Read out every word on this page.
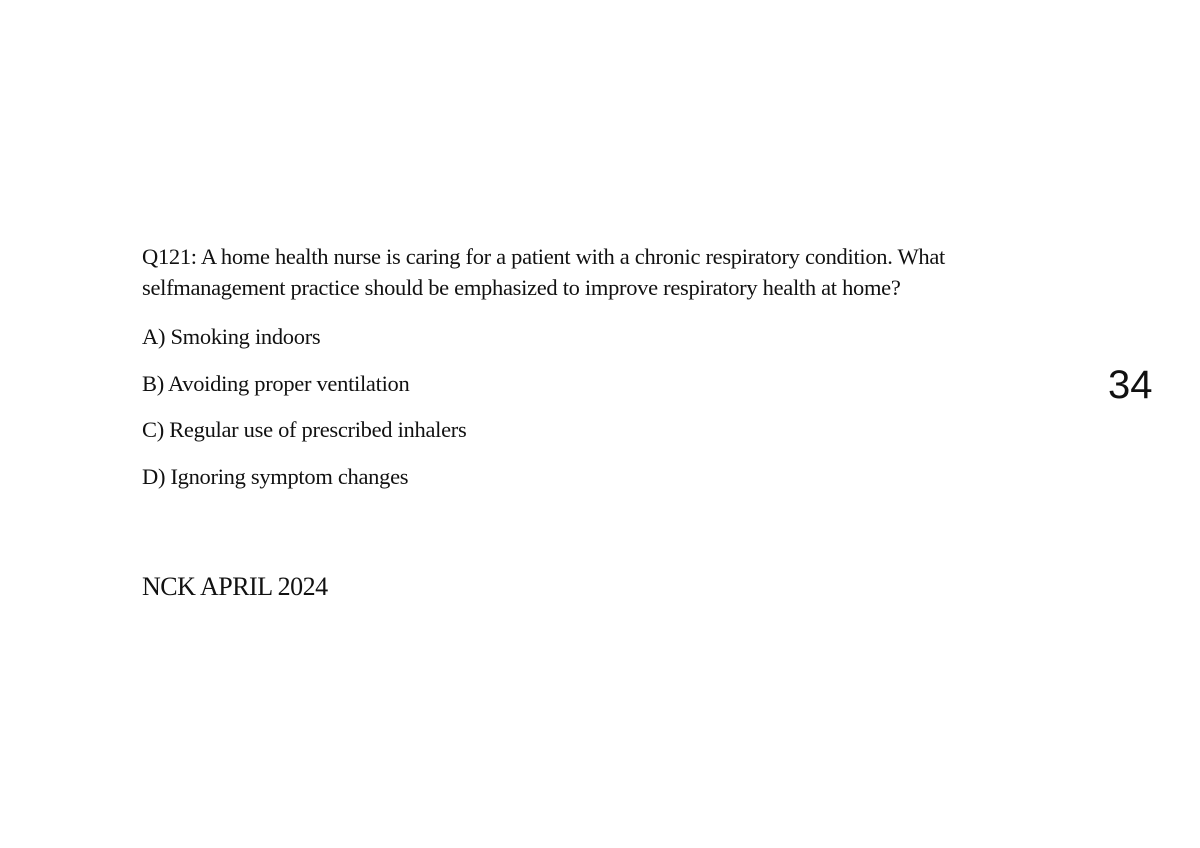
Q121: A home health nurse is caring for a patient with a chronic respiratory condition. What selfmanagement practice should be emphasized to improve respiratory health at home?

A) Smoking indoors
B) Avoiding proper ventilation
C) Regular use of prescribed inhalers
D) Ignoring symptom changes

NCK APRIL 2024

34
